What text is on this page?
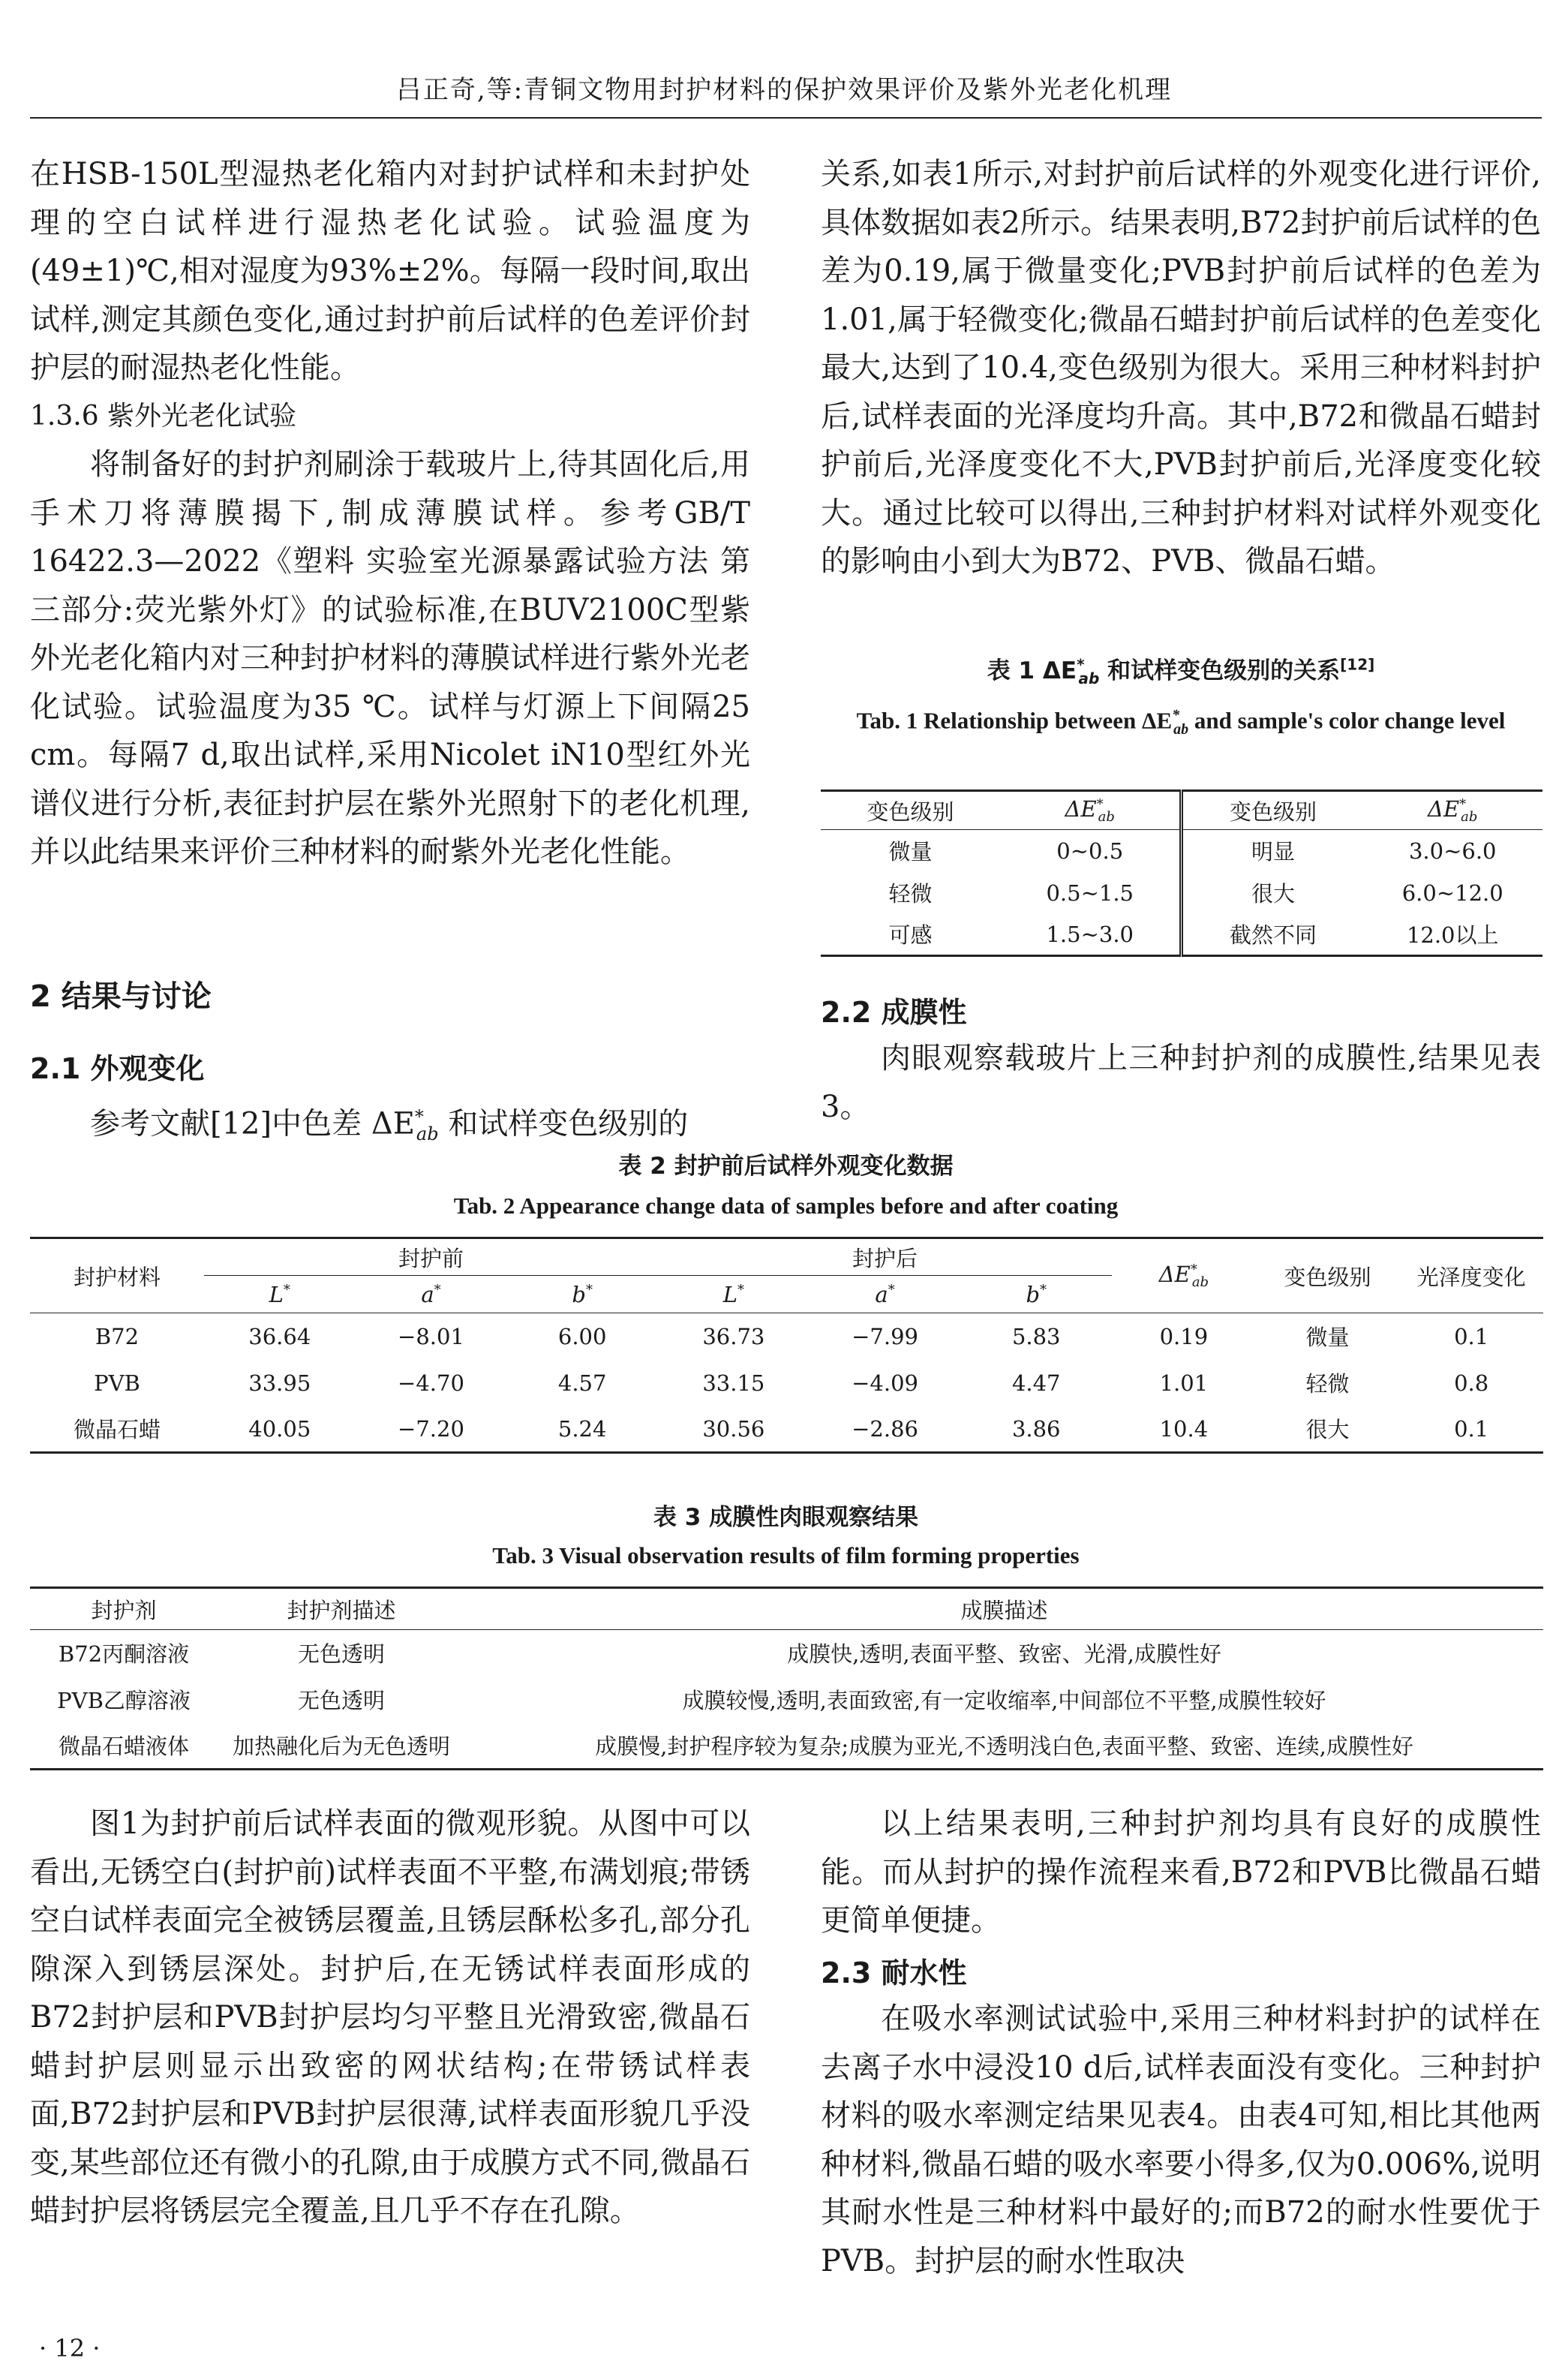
吕正奇,等:青铜文物用封护材料的保护效果评价及紫外光老化机理

在HSB-150L型湿热老化箱内对封护试样和未封护处理的空白试样进行湿热老化试验。试验温度为(49±1)℃,相对湿度为93%±2%。每隔一段时间,取出试样,测定其颜色变化,通过封护前后试样的色差评价封护层的耐湿热老化性能。

1.3.6 紫外光老化试验

将制备好的封护剂刷涂于载玻片上,待其固化后,用手术刀将薄膜揭下,制成薄膜试样。参考GB/T 16422.3—2022《塑料 实验室光源暴露试验方法 第三部分:荧光紫外灯》的试验标准,在BUV2100C型紫外光老化箱内对三种封护材料的薄膜试样进行紫外光老化试验。试验温度为35 ℃。试样与灯源上下间隔25 cm。每隔7 d,取出试样,采用Nicolet iN10型红外光谱仪进行分析,表征封护层在紫外光照射下的老化机理,并以此结果来评价三种材料的耐紫外光老化性能。

2 结果与讨论
2.1 外观变化

参考文献[12]中色差 $\Delta E^*_{ab}$ 和试样变色级别的

关系,如表1所示,对封护前后试样的外观变化进行评价,具体数据如表2所示。结果表明,B72封护前后试样的色差为0.19,属于微量变化;PVB封护前后试样的色差为1.01,属于轻微变化;微晶石蜡封护前后试样的色差变化最大,达到了10.4,变色级别为很大。采用三种材料封护后,试样表面的光泽度均升高。其中,B72和微晶石蜡封护前后,光泽度变化不大,PVB封护前后,光泽度变化较大。通过比较可以得出,三种封护材料对试样外观变化的影响由小到大为B72、PVB、微晶石蜡。

表 1 $\Delta E^*_{ab}$ 和试样变色级别的关系[12]
Tab. 1 Relationship between $\Delta E^*_{ab}$ and sample's color change level
变色级别	$\Delta E^*_{ab}$	变色级别	$\Delta E^*_{ab}$
微量	0~0.5	明显	3.0~6.0
轻微	0.5~1.5	很大	6.0~12.0
可感	1.5~3.0	截然不同	12.0以上
2.2 成膜性

肉眼观察载玻片上三种封护剂的成膜性,结果见表3。

表 2 封护前后试样外观变化数据
Tab. 2 Appearance change data of samples before and after coating
封护材料	封护前			封护后			$\Delta E^*_{ab}$	变色级别	光泽度变化
	L*	a*	b*	L*	a*	b*
B72	36.64	−8.01	6.00	36.73	−7.99	5.83	0.19	微量	0.1
PVB	33.95	−4.70	4.57	33.15	−4.09	4.47	1.01	轻微	0.8
微晶石蜡	40.05	−7.20	5.24	30.56	−2.86	3.86	10.4	很大	0.1
表 3 成膜性肉眼观察结果
Tab. 3 Visual observation results of film forming properties
封护剂	封护剂描述	成膜描述
B72丙酮溶液	无色透明	成膜快,透明,表面平整、致密、光滑,成膜性好
PVB乙醇溶液	无色透明	成膜较慢,透明,表面致密,有一定收缩率,中间部位不平整,成膜性较好
微晶石蜡液体	加热融化后为无色透明	成膜慢,封护程序较为复杂;成膜为亚光,不透明浅白色,表面平整、致密、连续,成膜性好

图1为封护前后试样表面的微观形貌。从图中可以看出,无锈空白(封护前)试样表面不平整,布满划痕;带锈空白试样表面完全被锈层覆盖,且锈层酥松多孔,部分孔隙深入到锈层深处。封护后,在无锈试样表面形成的B72封护层和PVB封护层均匀平整且光滑致密,微晶石蜡封护层则显示出致密的网状结构;在带锈试样表面,B72封护层和PVB封护层很薄,试样表面形貌几乎没变,某些部位还有微小的孔隙,由于成膜方式不同,微晶石蜡封护层将锈层完全覆盖,且几乎不存在孔隙。

以上结果表明,三种封护剂均具有良好的成膜性能。而从封护的操作流程来看,B72和PVB比微晶石蜡更简单便捷。

2.3 耐水性

在吸水率测试试验中,采用三种材料封护的试样在去离子水中浸没10 d后,试样表面没有变化。三种封护材料的吸水率测定结果见表4。由表4可知,相比其他两种材料,微晶石蜡的吸水率要小得多,仅为0.006%,说明其耐水性是三种材料中最好的;而B72的耐水性要优于PVB。封护层的耐水性取决

· 12 ·
